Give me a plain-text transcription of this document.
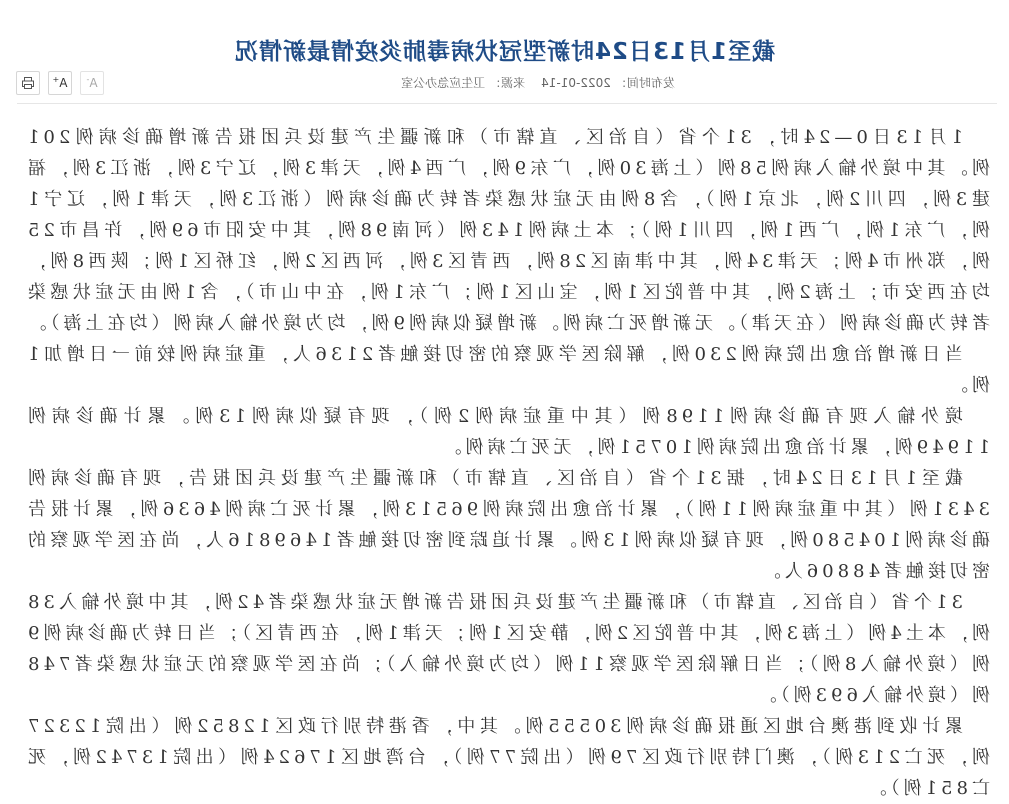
截至1月13日24时新型冠状病毒肺炎疫情最新情况
发布时间：2022-01-14来源：卫生应急办公室
A-
A+

1月13日0—24时，31个省（自治区、直辖市）和新疆生产建设兵团报告新增确诊病例201例。其中境外输入病例58例（上海30例，广东9例，广西4例，天津3例，辽宁3例，浙江3例，福建3例，四川2例，北京1例），含8例由无症状感染者转为确诊病例（浙江3例，天津1例，辽宁1例，广东1例，广西1例，四川1例）；本土病例143例（河南98例，其中安阳市69例，许昌市25例，郑州市4例；天津34例，其中津南区28例，西青区3例，河西区2例，红桥区1例；陕西8例，均在西安市；上海2例，其中普陀区1例，宝山区1例；广东1例，在中山市），含1例由无症状感染者转为确诊病例（在天津）。无新增死亡病例。新增疑似病例9例，均为境外输入病例（均在上海）。

当日新增治愈出院病例230例，解除医学观察的密切接触者2136人，重症病例较前一日增加1例。

境外输入现有确诊病例1198例（其中重症病例2例），现有疑似病例13例。累计确诊病例11949例，累计治愈出院病例10751例，无死亡病例。

截至1月13日24时，据31个省（自治区、直辖市）和新疆生产建设兵团报告，现有确诊病例3431例（其中重症病例11例），累计治愈出院病例96513例，累计死亡病例4636例，累计报告确诊病例104580例，现有疑似病例13例。累计追踪到密切接触者1469816人，尚在医学观察的密切接触者48806人。

31个省（自治区、直辖市）和新疆生产建设兵团报告新增无症状感染者42例，其中境外输入38例，本土4例（上海3例，其中普陀区2例，静安区1例；天津1例，在西青区）；当日转为确诊病例9例（境外输入8例）；当日解除医学观察11例（均为境外输入）；尚在医学观察的无症状感染者748例（境外输入693例）。

累计收到港澳台地区通报确诊病例30555例。其中，香港特别行政区12852例（出院12327例，死亡213例），澳门特别行政区79例（出院77例），台湾地区17624例（出院13742例，死亡851例）。
